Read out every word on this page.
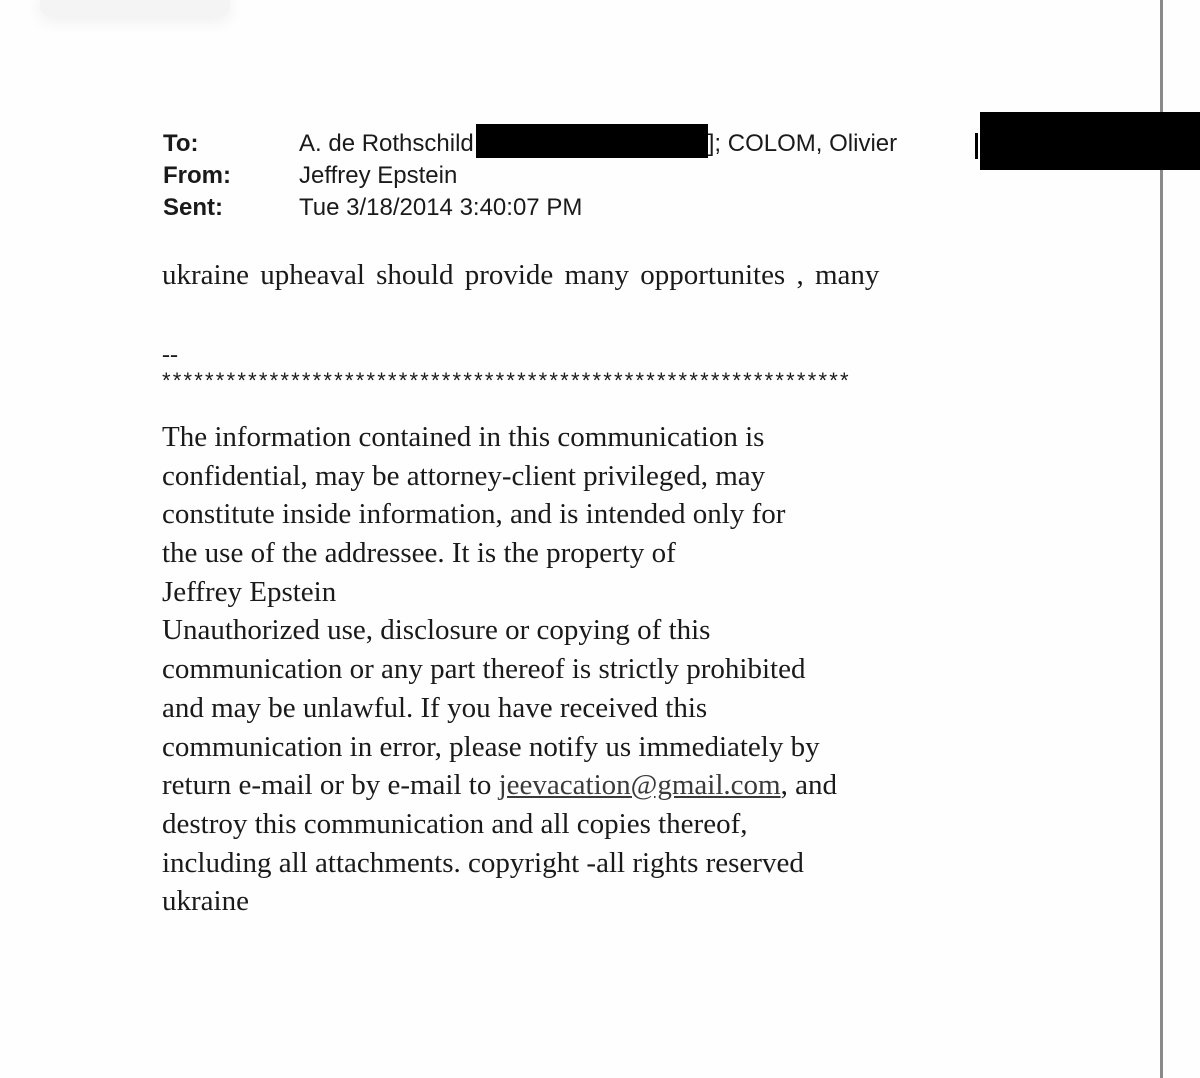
To:	A. de Rothschild	]; COLOM, Olivier
From:	Jeffrey Epstein
Sent:	Tue 3/18/2014 3:40:07 PM
ukraine upheaval should provide many opportunites , many
--
****************************************************************
The information contained in this communication is
confidential, may be attorney-client privileged, may
constitute inside information, and is intended only for
the use of the addressee. It is the property of
Jeffrey Epstein
Unauthorized use, disclosure or copying of this
communication or any part thereof is strictly prohibited
and may be unlawful. If you have received this
communication in error, please notify us immediately by
return e-mail or by e-mail to jeevacation@gmail.com, and
destroy this communication and all copies thereof,
including all attachments. copyright -all rights reserved
ukraine
